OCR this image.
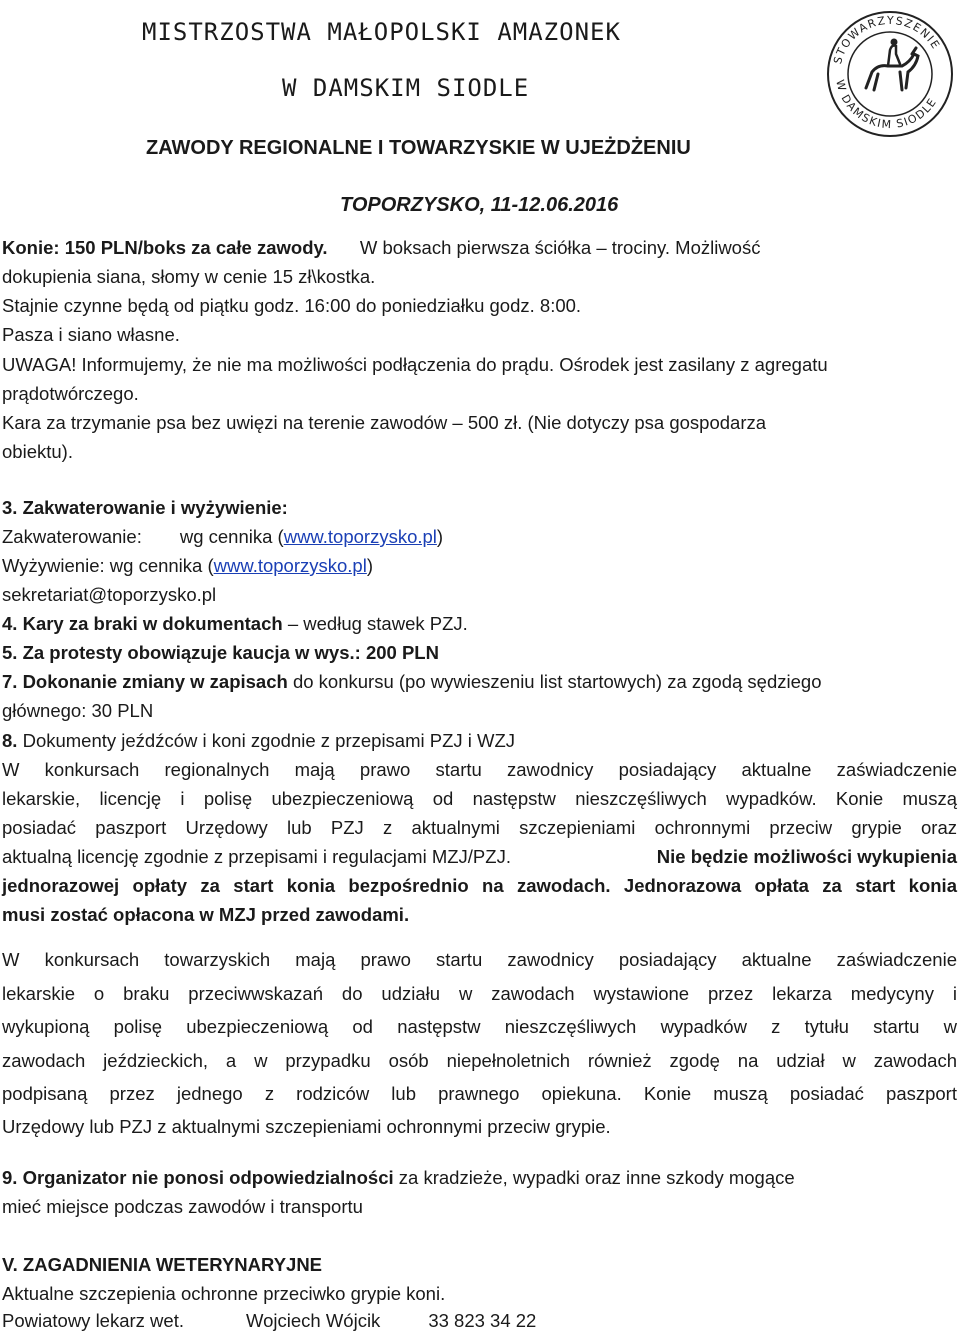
MISTRZOSTWA MAŁOPOLSKI AMAZONEK
W DAMSKIM SIODLE
ZAWODY REGIONALNE I TOWARZYSKIE W UJEŻDŻENIU
TOPORZYSKO, 11-12.06.2016
STOWARZYSZENIE
W DAMSKIM SIODLE
Konie: 150 PLN/boks za całe zawody. W boksach pierwsza ściółka – trociny. Możliwość
dokupienia siana, słomy w cenie 15 zł\kostka.
Stajnie czynne będą od piątku godz. 16:00 do poniedziałku godz. 8:00.
Pasza i siano własne.
UWAGA! Informujemy, że nie ma możliwości podłączenia do prądu. Ośrodek jest zasilany z agregatu
prądotwórczego.
Kara za trzymanie psa bez uwięzi na terenie zawodów – 500 zł. (Nie dotyczy psa gospodarza
obiektu).
3. Zakwaterowanie i wyżywienie:
Zakwaterowanie: wg cennika (www.toporzysko.pl)
Wyżywienie: wg cennika (www.toporzysko.pl)
sekretariat@toporzysko.pl
4. Kary za braki w dokumentach – według stawek PZJ.
5. Za protesty obowiązuje kaucja w wys.: 200 PLN
7. Dokonanie zmiany w zapisach do konkursu (po wywieszeniu list startowych) za zgodą sędziego
głównego: 30 PLN
8. Dokumenty jeźdźców i koni zgodnie z przepisami PZJ i WZJ
W konkursach regionalnych mają prawo startu zawodnicy posiadający aktualne zaświadczenie
lekarskie, licencję i polisę ubezpieczeniową od następstw nieszczęśliwych wypadków. Konie muszą
posiadać paszport Urzędowy lub PZJ z aktualnymi szczepieniami ochronnymi przeciw grypie oraz
aktualną licencję zgodnie z przepisami i regulacjami MZJ/PZJ.	Nie będzie możliwości wykupienia
jednorazowej opłaty za start konia bezpośrednio na zawodach. Jednorazowa opłata za start konia
musi zostać opłacona w MZJ przed zawodami.
W konkursach towarzyskich mają prawo startu zawodnicy posiadający aktualne zaświadczenie
lekarskie o braku przeciwwskazań do udziału w zawodach wystawione przez lekarza medycyny i
wykupioną polisę ubezpieczeniową od następstw nieszczęśliwych wypadków z tytułu startu w
zawodach jeździeckich, a w przypadku osób niepełnoletnich również zgodę na udział w zawodach
podpisaną przez jednego z rodziców lub prawnego opiekuna. Konie muszą posiadać paszport
Urzędowy lub PZJ z aktualnymi szczepieniami ochronnymi przeciw grypie.
9. Organizator nie ponosi odpowiedzialności za kradzieże, wypadki oraz inne szkody mogące
mieć miejsce podczas zawodów i transportu
V. ZAGADNIENIA WETERYNARYJNE
Aktualne szczepienia ochronne przeciwko grypie koni.
Powiatowy lekarz wet.	Wojciech Wójcik	33 823 34 22
